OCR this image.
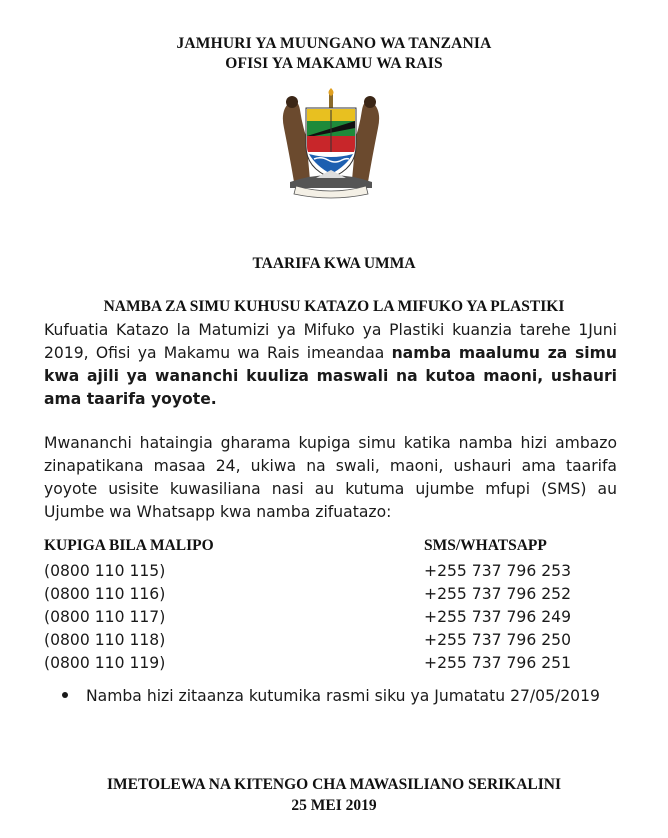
JAMHURI YA MUUNGANO WA TANZANIA
OFISI YA MAKAMU WA RAIS
TAARIFA KWA UMMA
NAMBA ZA SIMU KUHUSU KATAZO LA MIFUKO YA PLASTIKI
Kufuatia Katazo la Matumizi ya Mifuko ya Plastiki kuanzia tarehe 1Juni 2019, Ofisi ya Makamu wa Rais imeandaa namba maalumu za simu kwa ajili ya wananchi kuuliza maswali na kutoa maoni, ushauri ama taarifa yoyote.
Mwananchi hataingia gharama kupiga simu katika namba hizi ambazo zinapatikana masaa 24, ukiwa na swali, maoni, ushauri ama taarifa yoyote usisite kuwasiliana nasi au kutuma ujumbe mfupi (SMS) au Ujumbe wa Whatsapp kwa namba zifuatazo:
KUPIGA BILA MALIPO	SMS/WHATSAPP
(0800 110 115)
(0800 110 116)
(0800 110 117)
(0800 110 118)
(0800 110 119)
+255 737 796 253
+255 737 796 252
+255 737 796 249
+255 737 796 250
+255 737 796 251
Namba hizi zitaanza kutumika rasmi siku ya Jumatatu 27/05/2019
IMETOLEWA NA KITENGO CHA MAWASILIANO SERIKALINI
25 MEI 2019
